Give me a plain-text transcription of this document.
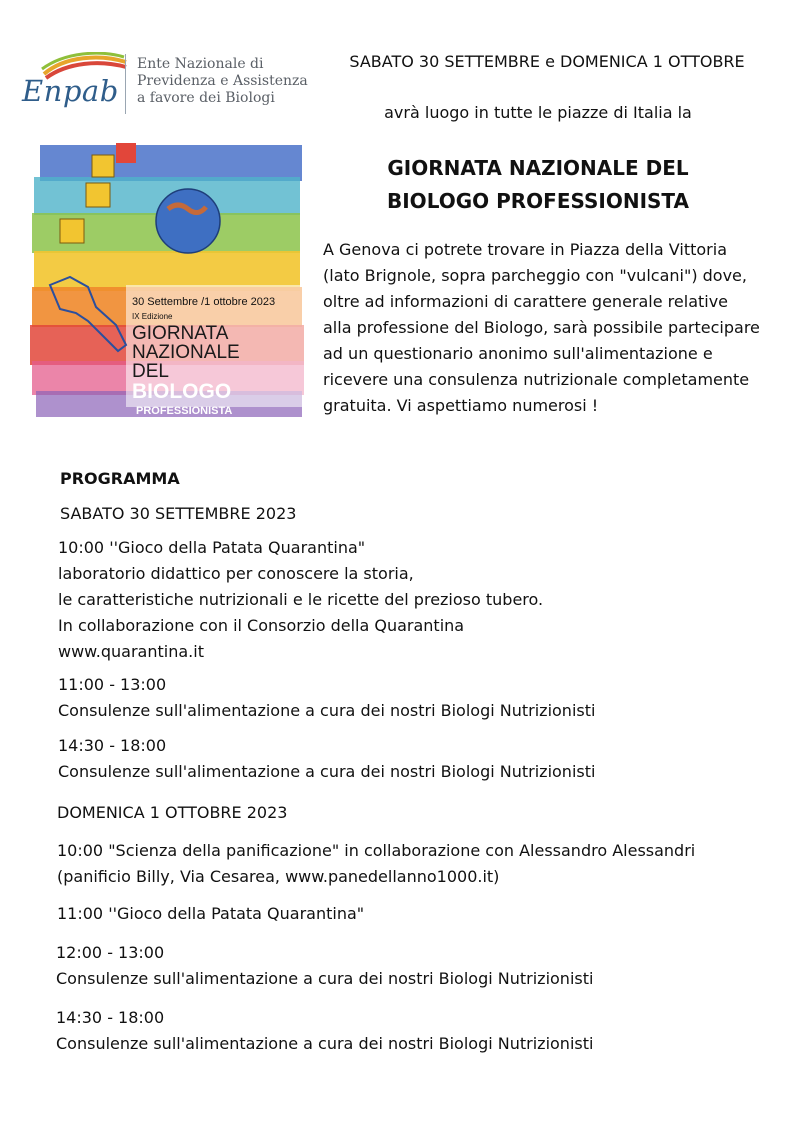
Enpab
Ente Nazionale di
Previdenza e Assistenza
a favore dei Biologi
30 Settembre /1 ottobre 2023
IX Edizione
GIORNATA
NAZIONALE
DEL
BIOLOGO
PROFESSIONISTA
SABATO 30 SETTEMBRE e DOMENICA 1 OTTOBRE
avrà luogo in tutte le piazze di Italia la
GIORNATA NAZIONALE DEL
BIOLOGO PROFESSIONISTA
A Genova ci potrete trovare in Piazza della Vittoria
(lato Brignole, sopra parcheggio con "vulcani") dove,
oltre ad informazioni di carattere generale relative
alla professione del Biologo, sarà possibile partecipare
ad un questionario anonimo sull'alimentazione e
ricevere una consulenza nutrizionale completamente
gratuita. Vi aspettiamo numerosi !
PROGRAMMA
SABATO 30 SETTEMBRE 2023
10:00 ''Gioco della Patata Quarantina"
laboratorio didattico per conoscere la storia,
le caratteristiche nutrizionali e le ricette del prezioso tubero.
In collaborazione con il Consorzio della Quarantina
www.quarantina.it
11:00 - 13:00
Consulenze sull'alimentazione a cura dei nostri Biologi Nutrizionisti
14:30 - 18:00
Consulenze sull'alimentazione a cura dei nostri Biologi Nutrizionisti
DOMENICA 1 OTTOBRE 2023
10:00 "Scienza della panificazione" in collaborazione con Alessandro Alessandri
(panificio Billy, Via Cesarea, www.panedellanno1000.it)
11:00 ''Gioco della Patata Quarantina"
12:00 - 13:00
Consulenze sull'alimentazione a cura dei nostri Biologi Nutrizionisti
14:30 - 18:00
Consulenze sull'alimentazione a cura dei nostri Biologi Nutrizionisti
